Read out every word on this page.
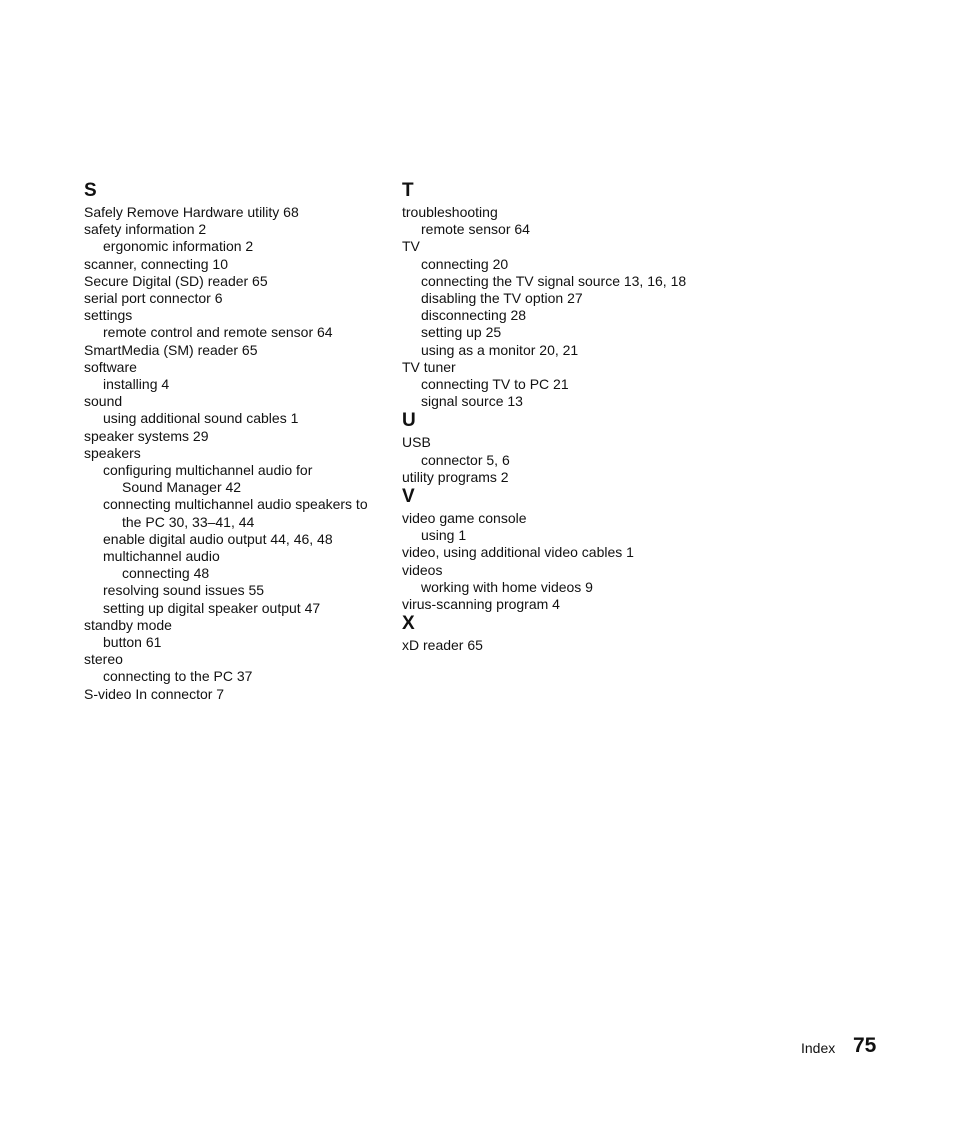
S
Safely Remove Hardware utility 68
safety information 2
ergonomic information 2
scanner, connecting 10
Secure Digital (SD) reader 65
serial port connector 6
settings
remote control and remote sensor 64
SmartMedia (SM) reader 65
software
installing 4
sound
using additional sound cables 1
speaker systems 29
speakers
configuring multichannel audio for
Sound Manager 42
connecting multichannel audio speakers to
the PC 30, 33–41, 44
enable digital audio output 44, 46, 48
multichannel audio
connecting 48
resolving sound issues 55
setting up digital speaker output 47
standby mode
button 61
stereo
connecting to the PC 37
S-video In connector 7
T
troubleshooting
remote sensor 64
TV
connecting 20
connecting the TV signal source 13, 16, 18
disabling the TV option 27
disconnecting 28
setting up 25
using as a monitor 20, 21
TV tuner
connecting TV to PC 21
signal source 13
U
USB
connector 5, 6
utility programs 2
V
video game console
using 1
video, using additional video cables 1
videos
working with home videos 9
virus-scanning program 4
X
xD reader 65
Index 75
